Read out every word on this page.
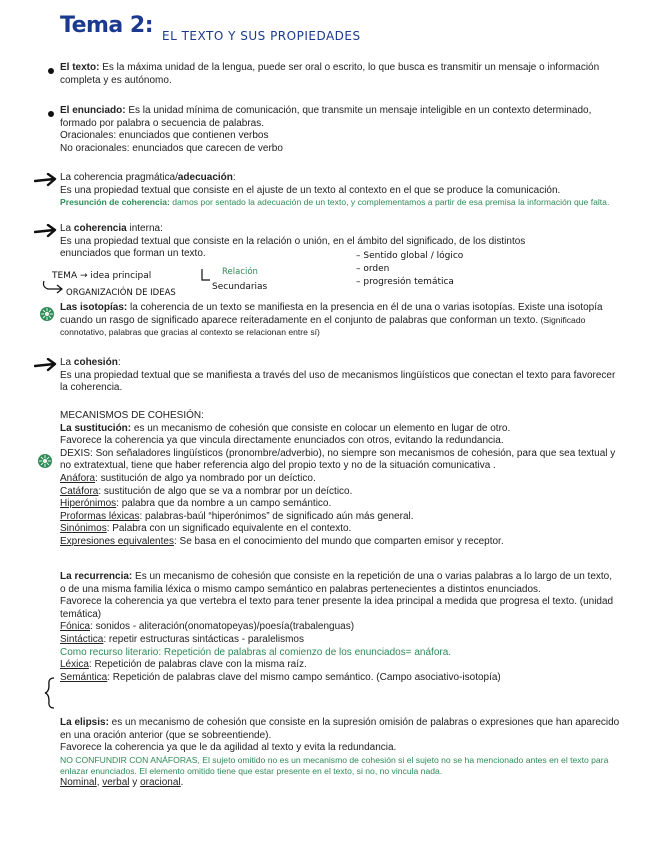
Tema 2: EL TEXTO Y SUS PROPIEDADES

El texto: Es la máxima unidad de la lengua, puede ser oral o escrito, lo que busca es transmitir un mensaje o información completa y es autónomo.

El enunciado: Es la unidad mínima de comunicación, que transmite un mensaje inteligible en un contexto determinado, formado por palabra o secuencia de palabras.

Oracionales: enunciados que contienen verbos

No oracionales: enunciados que carecen de verbo

La coherencia pragmática/adecuación:

Es una propiedad textual que consiste en el ajuste de un texto al contexto en el que se produce la comunicación.

Presunción de coherencia: damos por sentado la adecuación de un texto, y complementamos a partir de esa premisa la información que falta.

La coherencia interna:

Es una propiedad textual que consiste en la relación o unión, en el ámbito del significado, de los distintos enunciados que forman un texto.

TEMA → idea principal	Relación
Secundarias
ORGANIZACIÓN DE IDEAS
– Sentido global / lógico
– orden
– progresión temática

Las isotopías: la coherencia de un texto se manifiesta en la presencia en él de una o varias isotopías. Existe una isotopía cuando un rasgo de significado aparece reiteradamente en el conjunto de palabras que conforman un texto. (Significado connotativo, palabras que gracias al contexto se relacionan entre sí)

La cohesión:

Es una propiedad textual que se manifiesta a través del uso de mecanismos lingüísticos que conectan el texto para favorecer la coherencia.

MECANISMOS DE COHESIÓN:

La sustitución: es un mecanismo de cohesión que consiste en colocar un elemento en lugar de otro.

Favorece la coherencia ya que vincula directamente enunciados con otros, evitando la redundancia.

DEXIS: Son señaladores lingüísticos (pronombre/adverbio), no siempre son mecanismos de cohesión, para que sea textual y no extratextual, tiene que haber referencia algo del propio texto y no de la situación comunicativa .

Anáfora: sustitución de algo ya nombrado por un deíctico.

Catáfora: sustitución de algo que se va a nombrar por un deíctico.

Hiperónimos: palabra que da nombre a un campo semántico.

Proformas léxicas: palabras-baúl “hiperónimos” de significado aún más general.

Sinónimos: Palabra con un significado equivalente en el contexto.

Expresiones equivalentes: Se basa en el conocimiento del mundo que comparten emisor y receptor.

La recurrencia: Es un mecanismo de cohesión que consiste en la repetición de una o varias palabras a lo largo de un texto, o de una misma familia léxica o mismo campo semántico en palabras pertenecientes a distintos enunciados.

Favorece la coherencia ya que vertebra el texto para tener presente la idea principal a medida que progresa el texto. (unidad temática)

Fónica: sonidos - aliteración(onomatopeyas)/poesía(trabalenguas)

Sintáctica: repetir estructuras sintácticas - paralelismos

Como recurso literario: Repetición de palabras al comienzo de los enunciados= anáfora.

Léxica: Repetición de palabras clave con la misma raíz.

Semántica: Repetición de palabras clave del mismo campo semántico. (Campo asociativo-isotopía)

La elipsis: es un mecanismo de cohesión que consiste en la supresión omisión de palabras o expresiones que han aparecido en una oración anterior (que se sobreentiende).

Favorece la coherencia ya que le da agilidad al texto y evita la redundancia.

NO CONFUNDIR CON ANÁFORAS, El sujeto omitido no es un mecanismo de cohesión si el sujeto no se ha mencionado antes en el texto para enlazar enunciados. El elemento omitido tiene que estar presente en el texto, si no, no vincula nada.

Nominal, verbal y oracional.
